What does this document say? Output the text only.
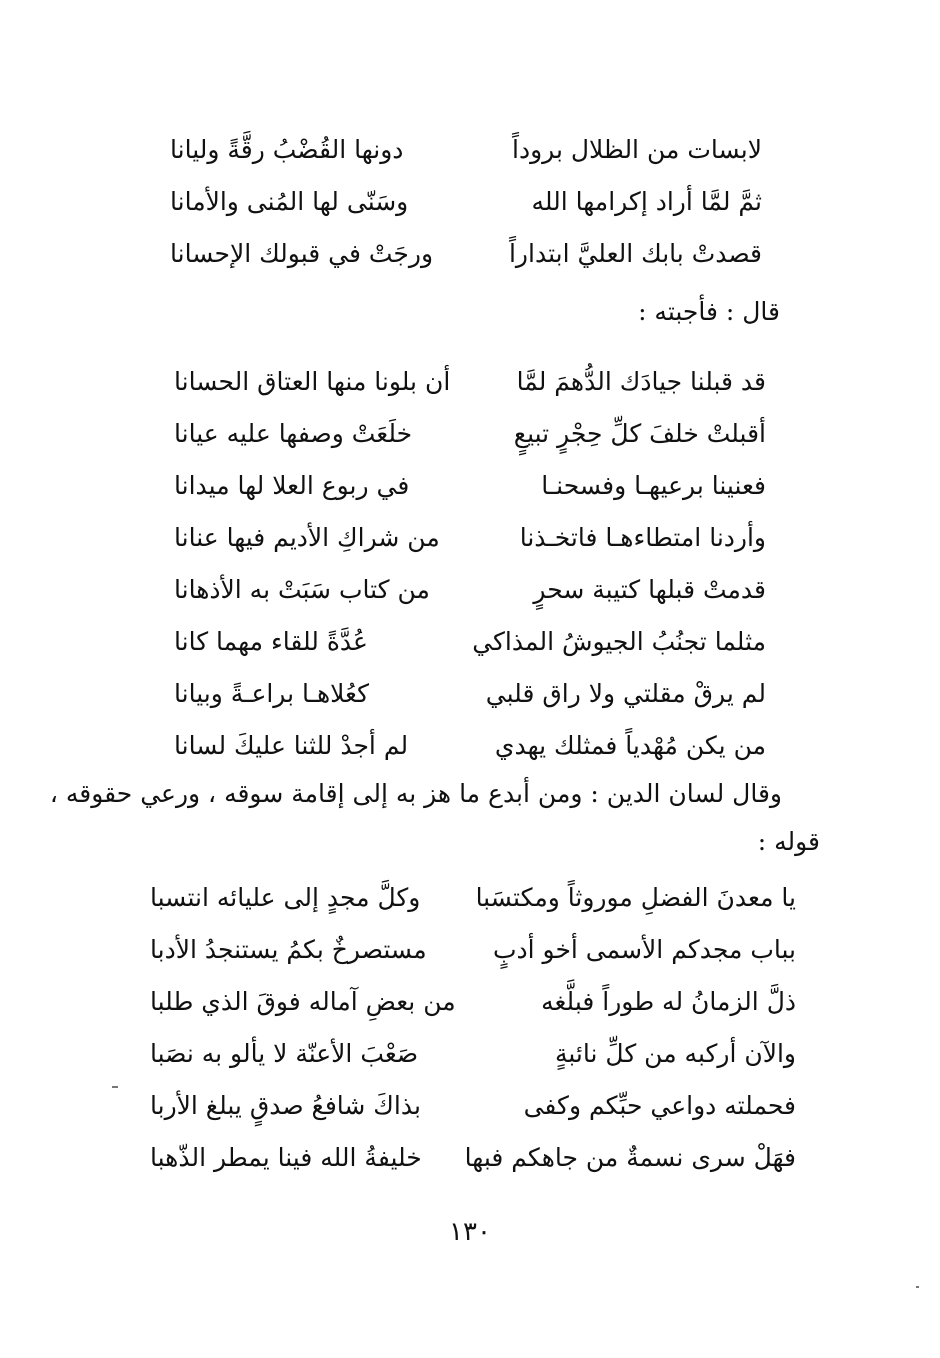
لابسات من الظلال بروداً
دونها القُضْبُ رقَّةً وليانا
ثمَّ لمَّا أراد إكرامها الله
وسَنّى لها المُنى والأمانا
قصدتْ بابك العليَّ ابتداراً
ورجَتْ في قبولك الإحسانا
قال : فأجبته :
قد قبلنا جيادَك الدُّهمَ لمَّا
أن بلونا منها العتاق الحسانا
أقبلتْ خلفَ كلِّ حِجْرٍ تبيعٍ
خلَعَتْ وصفها عليه عيانا
فعنينا برعيهـا وفسحنـا
في ربوع العلا لها ميدانا
وأردنا امتطاءهـا فاتخـذنا
من شراكِ الأديم فيها عنانا
قدمتْ قبلها كتيبة سحرٍ
من كتاب سَبَتْ به الأذهانا
مثلما تجنُبُ الجيوشُ المذاكي
عُدَّةً للقاء مهما كانا
لم يرقْ مقلتي ولا راق قلبي
كعُلاهـا براعـةً وبيانا
من يكن مُهْدياً فمثلك يهدي
لم أجدْ للثنا عليكَ لسانا
وقال لسان الدين : ومن أبدع ما هز به إلى إقامة سوقه ، ورعي حقوقه ،
قوله :
يا معدنَ الفضلِ موروثاً ومكتسَبا
وكلَّ مجدٍ إلى عليائه انتسبا
بباب مجدكم الأسمى أخو أدبٍ
مستصرخٌ بكمُ يستنجدُ الأدبا
ذلَّ الزمانُ له طوراً فبلَّغه
من بعضِ آماله فوقَ الذي طلبا
والآن أركبه من كلِّ نائبةٍ
صَعْبَ الأعنّة لا يألو به نصَبا
فحملته دواعي حبِّكم وكفى
بذاكَ شافعُ صدقٍ يبلغ الأربا
فهَلْ سرى نسمةٌ من جاهكم فبها
خليفةُ الله فينا يمطر الذّهبا
١٣٠
